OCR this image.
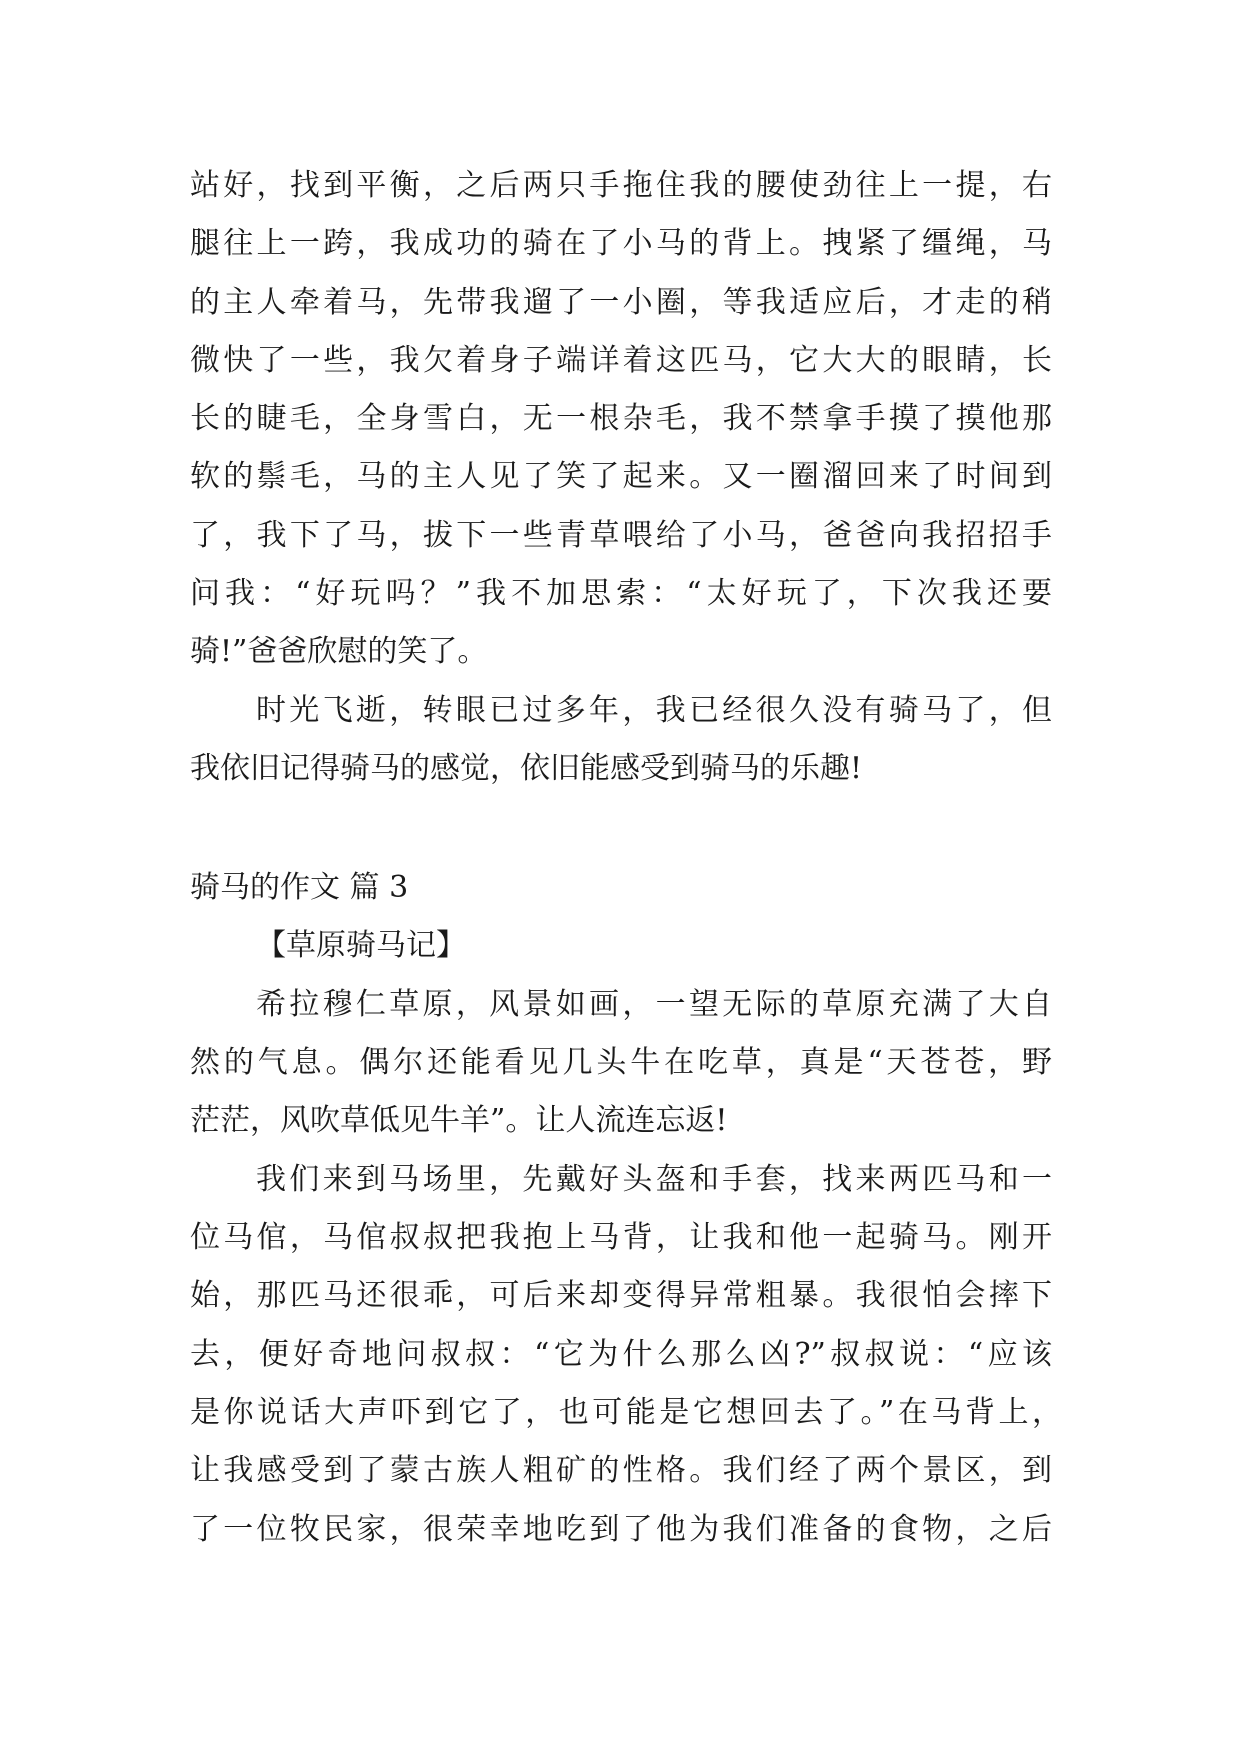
站好，找到平衡，之后两只手拖住我的腰使劲往上一提，右
腿往上一跨，我成功的骑在了小马的背上。拽紧了缰绳，马
的主人牵着马，先带我遛了一小圈，等我适应后，才走的稍
微快了一些，我欠着身子端详着这匹马，它大大的眼睛，长
长的睫毛，全身雪白，无一根杂毛，我不禁拿手摸了摸他那
软的鬃毛，马的主人见了笑了起来。又一圈溜回来了时间到
了，我下了马，拔下一些青草喂给了小马，爸爸向我招招手
问我：“好玩吗？”我不加思索：“太好玩了，下次我还要
骑!”爸爸欣慰的笑了。
时光飞逝，转眼已过多年，我已经很久没有骑马了，但
我依旧记得骑马的感觉，依旧能感受到骑马的乐趣!
骑马的作文 篇 3
【草原骑马记】
希拉穆仁草原，风景如画，一望无际的草原充满了大自
然的气息。偶尔还能看见几头牛在吃草，真是“天苍苍，野
茫茫，风吹草低见牛羊”。让人流连忘返!
我们来到马场里，先戴好头盔和手套，找来两匹马和一
位马倌，马倌叔叔把我抱上马背，让我和他一起骑马。刚开
始，那匹马还很乖，可后来却变得异常粗暴。我很怕会摔下
去，便好奇地问叔叔：“它为什么那么凶?”叔叔说：“应该
是你说话大声吓到它了，也可能是它想回去了。”在马背上，
让我感受到了蒙古族人粗矿的性格。我们经了两个景区，到
了一位牧民家，很荣幸地吃到了他为我们准备的食物，之后
